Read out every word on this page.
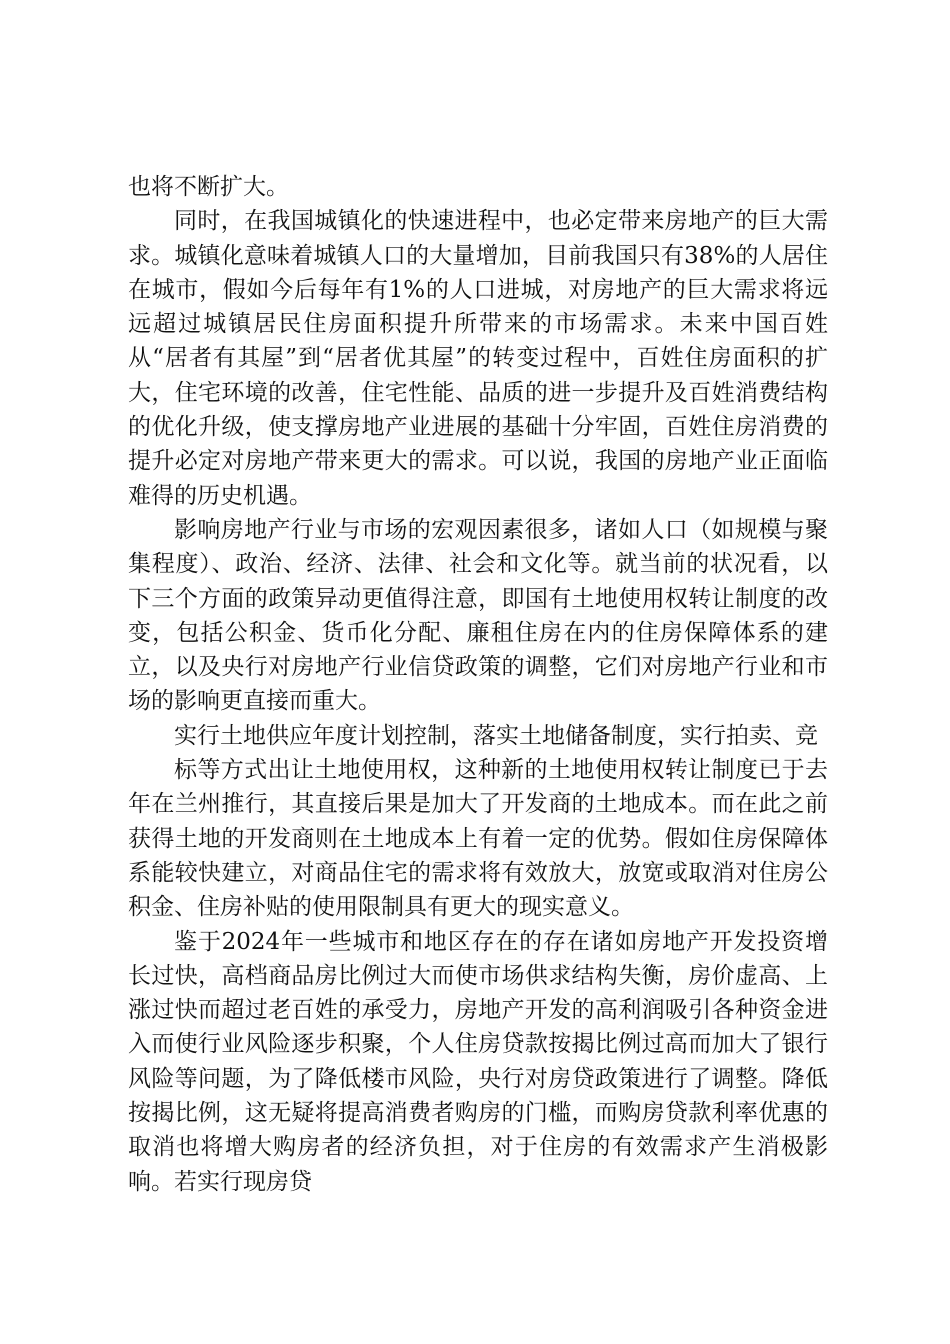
也将不断扩大。

同时，在我国城镇化的快速进程中，也必定带来房地产的巨大需求。城镇化意味着城镇人口的大量增加，目前我国只有38%的人居住在城市，假如今后每年有1%的人口进城，对房地产的巨大需求将远远超过城镇居民住房面积提升所带来的市场需求。未来中国百姓从“居者有其屋”到“居者优其屋”的转变过程中，百姓住房面积的扩大，住宅环境的改善，住宅性能、品质的进一步提升及百姓消费结构的优化升级，使支撑房地产业进展的基础十分牢固，百姓住房消费的提升必定对房地产带来更大的需求。可以说，我国的房地产业正面临难得的历史机遇。

影响房地产行业与市场的宏观因素很多，诸如人口（如规模与聚集程度）、政治、经济、法律、社会和文化等。就当前的状况看，以下三个方面的政策异动更值得注意，即国有土地使用权转让制度的改变，包括公积金、货币化分配、廉租住房在内的住房保障体系的建立，以及央行对房地产行业信贷政策的调整，它们对房地产行业和市场的影响更直接而重大。

实行土地供应年度计划控制，落实土地储备制度，实行拍卖、竞

标等方式出让土地使用权，这种新的土地使用权转让制度已于去年在兰州推行，其直接后果是加大了开发商的土地成本。而在此之前获得土地的开发商则在土地成本上有着一定的优势。假如住房保障体系能较快建立，对商品住宅的需求将有效放大，放宽或取消对住房公积金、住房补贴的使用限制具有更大的现实意义。

鉴于2024年一些城市和地区存在的存在诸如房地产开发投资增长过快，高档商品房比例过大而使市场供求结构失衡，房价虚高、上涨过快而超过老百姓的承受力，房地产开发的高利润吸引各种资金进入而使行业风险逐步积聚，个人住房贷款按揭比例过高而加大了银行风险等问题，为了降低楼市风险，央行对房贷政策进行了调整。降低按揭比例，这无疑将提高消费者购房的门槛，而购房贷款利率优惠的取消也将增大购房者的经济负担，对于住房的有效需求产生消极影响。若实行现房贷
